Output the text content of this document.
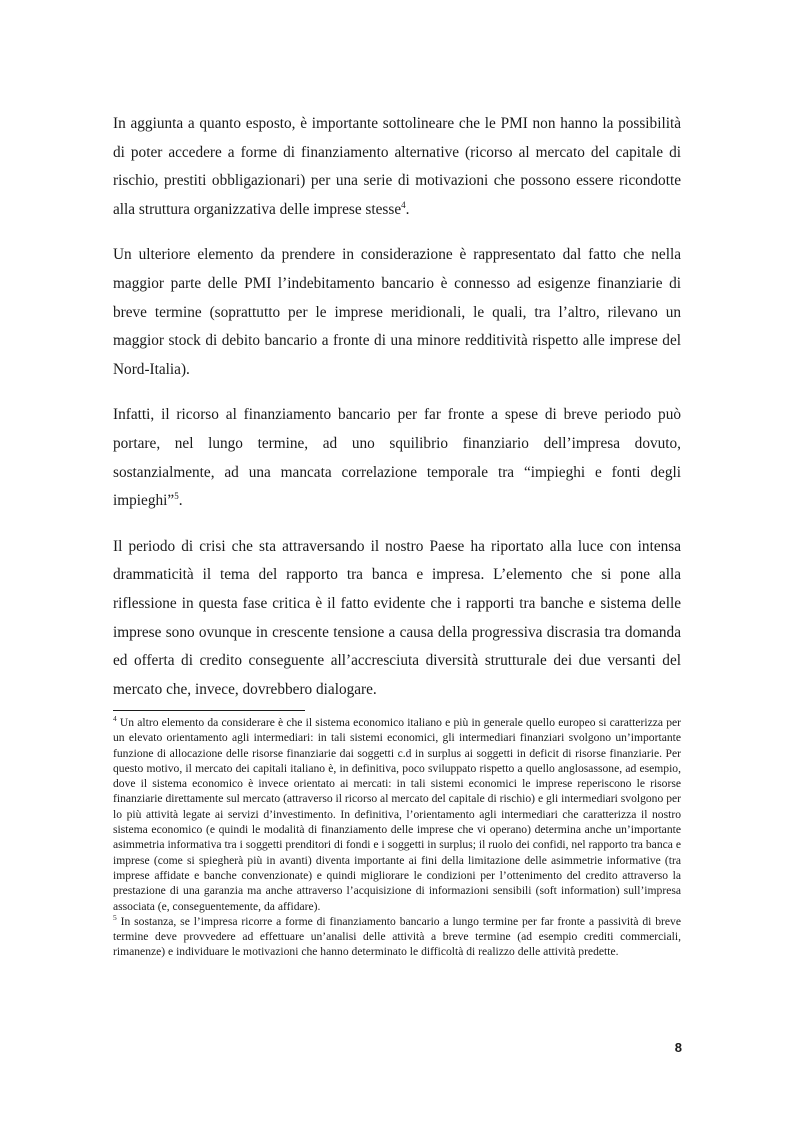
In aggiunta a quanto esposto, è importante sottolineare che le PMI non hanno la possibilità di poter accedere a forme di finanziamento alternative (ricorso al mercato del capitale di rischio, prestiti obbligazionari) per una serie di motivazioni che possono essere ricondotte alla struttura organizzativa delle imprese stesse$^4$.

Un ulteriore elemento da prendere in considerazione è rappresentato dal fatto che nella maggior parte delle PMI l’indebitamento bancario è connesso ad esigenze finanziarie di breve termine (soprattutto per le imprese meridionali, le quali, tra l’altro, rilevano un maggior stock di debito bancario a fronte di una minore redditività rispetto alle imprese del Nord-Italia).

Infatti, il ricorso al finanziamento bancario per far fronte a spese di breve periodo può portare, nel lungo termine, ad uno squilibrio finanziario dell’impresa dovuto, sostanzialmente, ad una mancata correlazione temporale tra “impieghi e fonti degli impieghi”$^5$.

Il periodo di crisi che sta attraversando il nostro Paese ha riportato alla luce con intensa drammaticità il tema del rapporto tra banca e impresa. L’elemento che si pone alla riflessione in questa fase critica è il fatto evidente che i rapporti tra banche e sistema delle imprese sono ovunque in crescente tensione a causa della progressiva discrasia tra domanda ed offerta di credito conseguente all’accresciuta diversità strutturale dei due versanti del mercato che, invece, dovrebbero dialogare.

$^4$ Un altro elemento da considerare è che il sistema economico italiano e più in generale quello europeo si caratterizza per un elevato orientamento agli intermediari: in tali sistemi economici, gli intermediari finanziari svolgono un’importante funzione di allocazione delle risorse finanziarie dai soggetti c.d in surplus ai soggetti in deficit di risorse finanziarie. Per questo motivo, il mercato dei capitali italiano è, in definitiva, poco sviluppato rispetto a quello anglosassone, ad esempio, dove il sistema economico è invece orientato ai mercati: in tali sistemi economici le imprese reperiscono le risorse finanziarie direttamente sul mercato (attraverso il ricorso al mercato del capitale di rischio) e gli intermediari svolgono per lo più attività legate ai servizi d’investimento. In definitiva, l’orientamento agli intermediari che caratterizza il nostro sistema economico (e quindi le modalità di finanziamento delle imprese che vi operano) determina anche un’importante asimmetria informativa tra i soggetti prenditori di fondi e i soggetti in surplus; il ruolo dei confidi, nel rapporto tra banca e imprese (come si spiegherà più in avanti) diventa importante ai fini della limitazione delle asimmetrie informative (tra imprese affidate e banche convenzionate) e quindi migliorare le condizioni per l’ottenimento del credito attraverso la prestazione di una garanzia ma anche attraverso l’acquisizione di informazioni sensibili (soft information) sull’impresa associata (e, conseguentemente, da affidare).

$^5$ In sostanza, se l’impresa ricorre a forme di finanziamento bancario a lungo termine per far fronte a passività di breve termine deve provvedere ad effettuare un’analisi delle attività a breve termine (ad esempio crediti commerciali, rimanenze) e individuare le motivazioni che hanno determinato le difficoltà di realizzo delle attività predette.

8
